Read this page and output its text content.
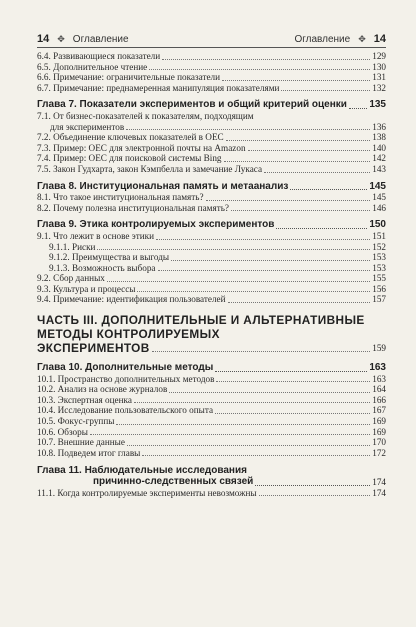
14 ✥ Оглавление	Оглавление ✥ 14
6.4. Развивающиеся показатели	129
6.5. Дополнительное чтение	130
6.6. Примечание: ограничительные показатели	131
6.7. Примечание: преднамеренная манипуляция показателями	132
Глава 7. Показатели экспериментов и общий критерий оценки 135
7.1. От бизнес-показателей к показателям, подходящим
для экспериментов	136
7.2. Объединение ключевых показателей в ОЕС	138
7.3. Пример: ОЕС для электронной почты на Amazon	140
7.4. Пример: ОЕС для поисковой системы Bing	142
7.5. Закон Гудхарта, закон Кэмпбелла и замечание Лукаса	143
Глава 8. Институциональная память и метаанализ	145
8.1. Что такое институциональная память?	145
8.2. Почему полезна институциональная память?	146
Глава 9. Этика контролируемых экспериментов	150
9.1. Что лежит в основе этики	151
9.1.1. Риски	152
9.1.2. Преимущества и выгоды	153
9.1.3. Возможность выбора	153
9.2. Сбор данных	155
9.3. Культура и процессы	156
9.4. Примечание: идентификация пользователей	157
ЧАСТЬ III. ДОПОЛНИТЕЛЬНЫЕ И АЛЬТЕРНАТИВНЫЕ
МЕТОДЫ КОНТРОЛИРУЕМЫХ
ЭКСПЕРИМЕНТОВ	159
Глава 10. Дополнительные методы	163
10.1. Пространство дополнительных методов	163
10.2. Анализ на основе журналов	164
10.3. Экспертная оценка	166
10.4. Исследование пользовательского опыта	167
10.5. Фокус-группы	169
10.6. Обзоры	169
10.7. Внешние данные	170
10.8. Подведем итог главы	172
Глава 11. Наблюдательные исследования
причинно-следственных связей	174
11.1. Когда контролируемые эксперименты невозможны	174
